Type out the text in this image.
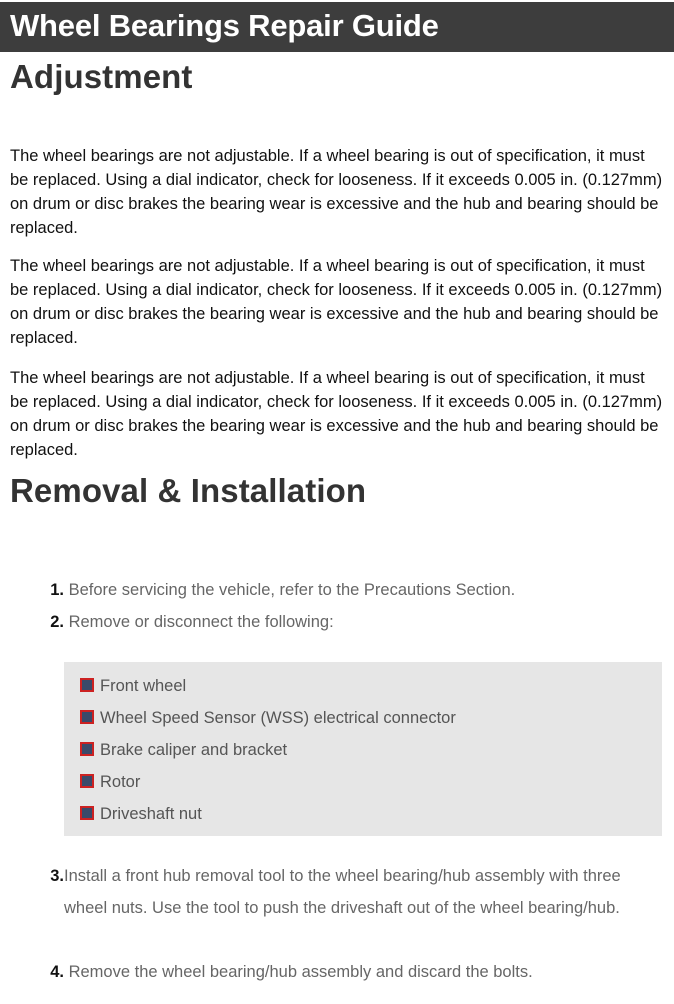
Wheel Bearings Repair Guide
Adjustment

The wheel bearings are not adjustable. If a wheel bearing is out of specification, it must be replaced. Using a dial indicator, check for looseness. If it exceeds 0.005 in. (0.127mm) on drum or disc brakes the bearing wear is excessive and the hub and bearing should be replaced.

The wheel bearings are not adjustable. If a wheel bearing is out of specification, it must be replaced. Using a dial indicator, check for looseness. If it exceeds 0.005 in. (0.127mm) on drum or disc brakes the bearing wear is excessive and the hub and bearing should be replaced.

The wheel bearings are not adjustable. If a wheel bearing is out of specification, it must be replaced. Using a dial indicator, check for looseness. If it exceeds 0.005 in. (0.127mm) on drum or disc brakes the bearing wear is excessive and the hub and bearing should be replaced.

Removal & Installation
1. Before servicing the vehicle, refer to the Precautions Section.
2. Remove or disconnect the following:
Front wheel
Wheel Speed Sensor (WSS) electrical connector
Brake caliper and bracket
Rotor
Driveshaft nut
3. Install a front hub removal tool to the wheel bearing/hub assembly with three wheel nuts. Use the tool to push the driveshaft out of the wheel bearing/hub.
4. Remove the wheel bearing/hub assembly and discard the bolts.
